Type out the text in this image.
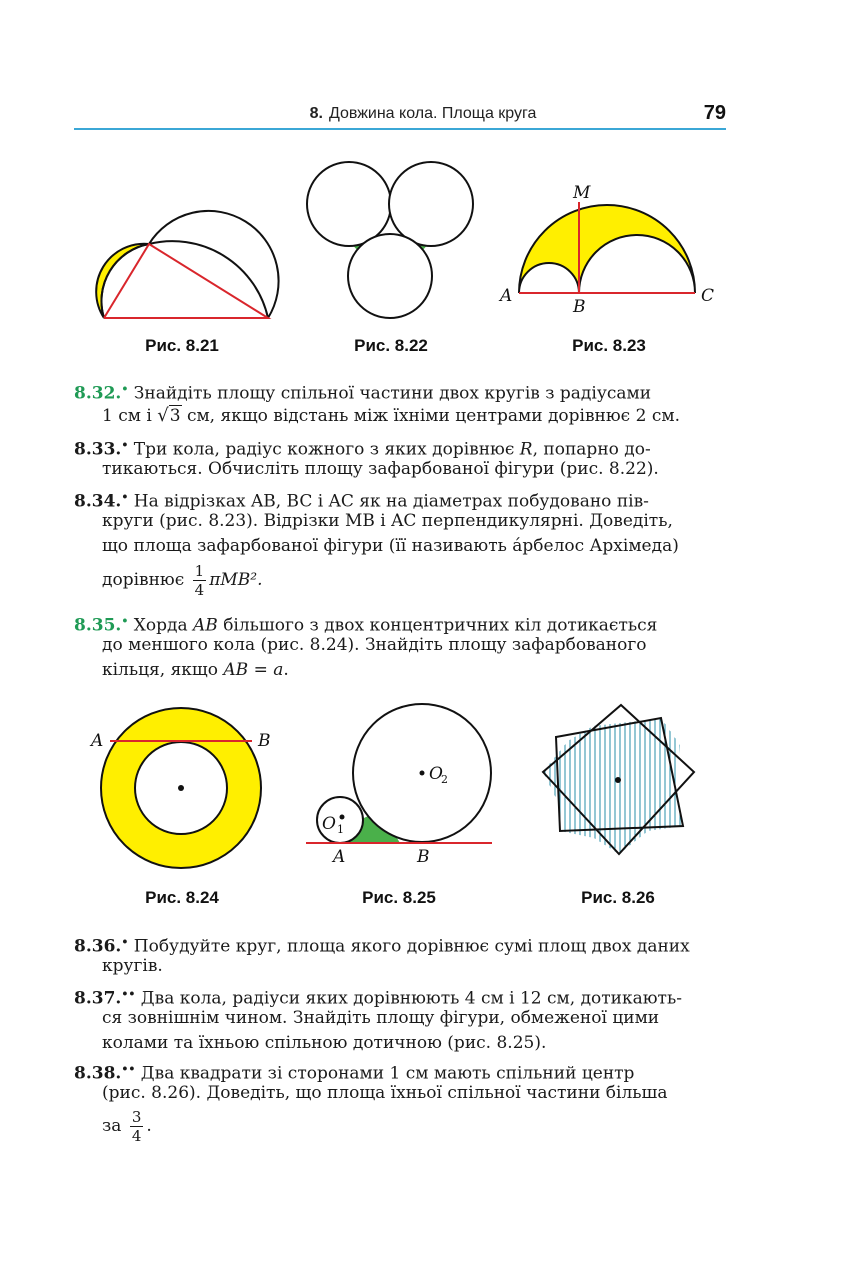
8. Довжина кола. Площа круга	79
Рис. 8.21	Рис. 8.22
M
A
B
C
Рис. 8.23
8.32.• Знайдіть площу спільної частини двох кругів з радіусами
1 см і √3 см, якщо відстань між їхніми центрами дорівнює 2 см.
8.33.• Три кола, радіус кожного з яких дорівнює R, попарно до-
тикаються. Обчисліть площу зафарбованої фігури (рис. 8.22).
8.34.• На відрізках AB, BC і AC як на діаметрах побудовано пів-
круги (рис. 8.23). Відрізки MB і AC перпендикулярні. Доведіть,
що площа зафарбованої фігури (її називають áрбелос Архімеда)
дорівнює $\frac{1}{4} \pi MB^2$.
8.35.• Хорда AB більшого з двох концентричних кіл дотикається
до меншого кола (рис. 8.24). Знайдіть площу зафарбованого
кільця, якщо AB = a.
A	B
Рис. 8.24
O 1
O
2
A	B
Рис. 8.25	Рис. 8.26
8.36.• Побудуйте круг, площа якого дорівнює сумі площ двох даних
кругів.
8.37.•• Два кола, радіуси яких дорівнюють 4 см і 12 см, дотикають-
ся зовнішнім чином. Знайдіть площу фігури, обмеженої цими
колами та їхньою спільною дотичною (рис. 8.25).
8.38.•• Два квадрати зі сторонами 1 см мають спільний центр
(рис. 8.26). Доведіть, що площа їхньої спільної частини більша
за $\frac{3}{4}$ .
